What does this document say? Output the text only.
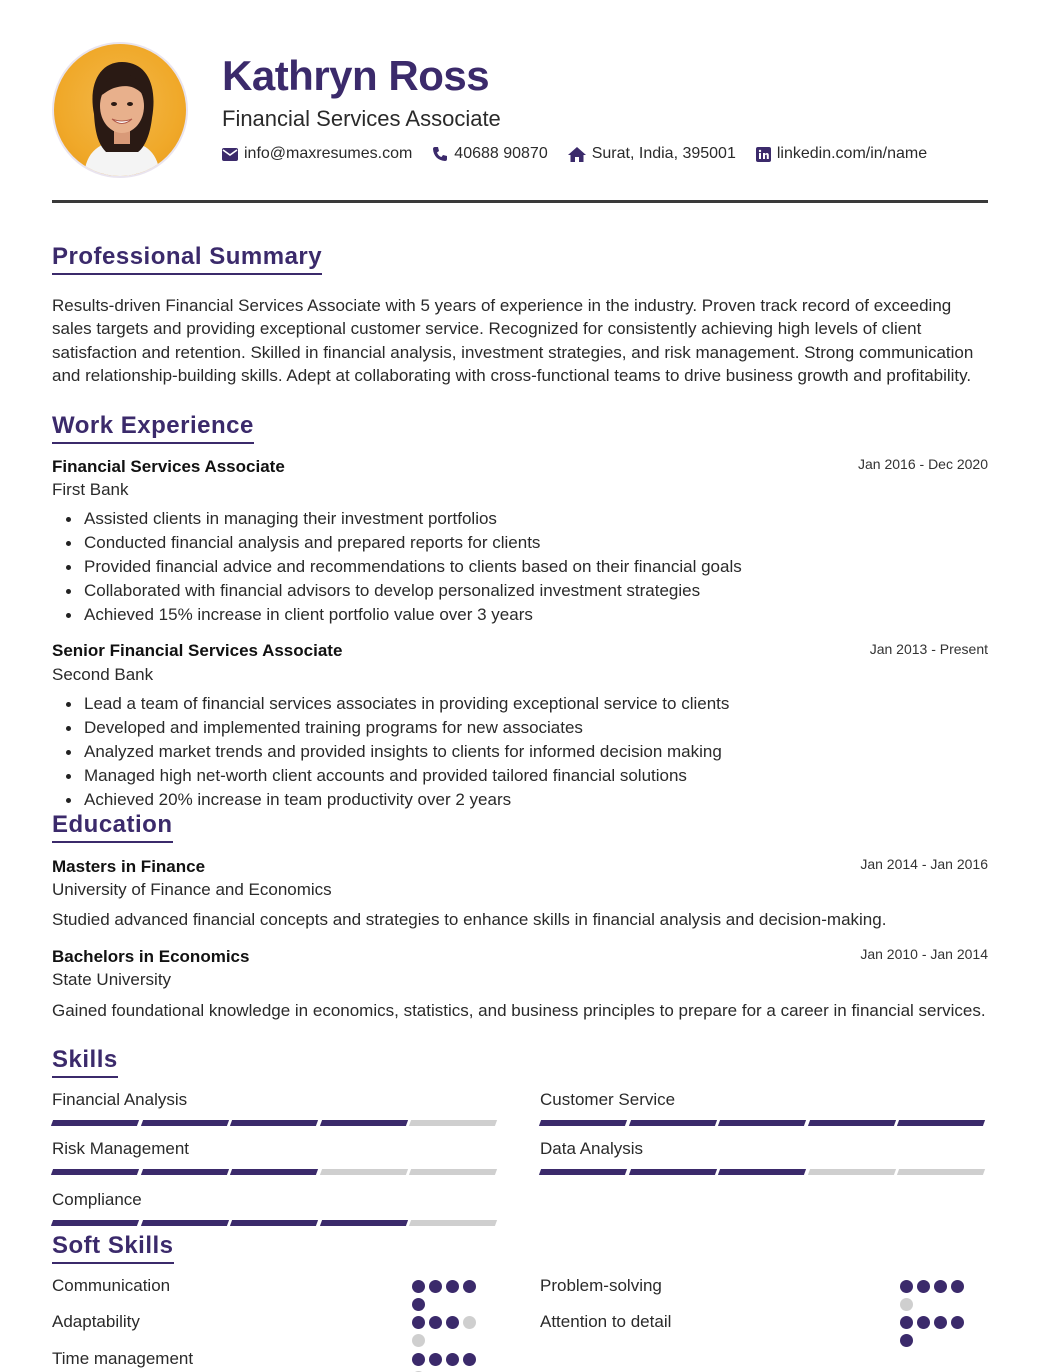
Kathryn Ross
Financial Services Associate
info@maxresumes.com	40688 90870	Surat, India, 395001	linkedin.com/in/name
Professional Summary
Results-driven Financial Services Associate with 5 years of experience in the industry. Proven track record of exceeding sales targets and providing exceptional customer service. Recognized for consistently achieving high levels of client satisfaction and retention. Skilled in financial analysis, investment strategies, and risk management. Strong communication and relationship-building skills. Adept at collaborating with cross-functional teams to drive business growth and profitability.
Work Experience
Financial Services Associate	Jan 2016 - Dec 2020
First Bank
Assisted clients in managing their investment portfolios
Conducted financial analysis and prepared reports for clients
Provided financial advice and recommendations to clients based on their financial goals
Collaborated with financial advisors to develop personalized investment strategies
Achieved 15% increase in client portfolio value over 3 years
Senior Financial Services Associate	Jan 2013 - Present
Second Bank
Lead a team of financial services associates in providing exceptional service to clients
Developed and implemented training programs for new associates
Analyzed market trends and provided insights to clients for informed decision making
Managed high net-worth client accounts and provided tailored financial solutions
Achieved 20% increase in team productivity over 2 years
Education
Masters in Finance	Jan 2014 - Jan 2016
University of Finance and Economics
Studied advanced financial concepts and strategies to enhance skills in financial analysis and decision-making.
Bachelors in Economics	Jan 2010 - Jan 2014
State University
Gained foundational knowledge in economics, statistics, and business principles to prepare for a career in financial services.
Skills
Financial Analysis	Customer Service
Risk Management	Data Analysis
Compliance
Soft Skills
Communication	Problem-solving
Adaptability	Attention to detail
Time management
